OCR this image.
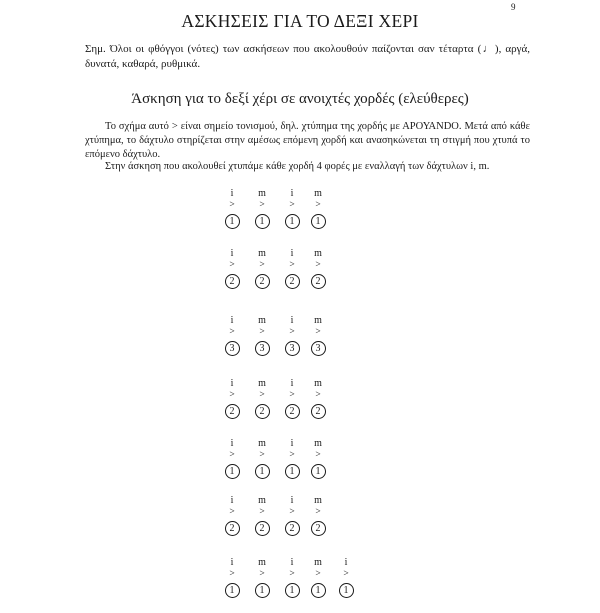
9
ΑΣΚΗΣΕΙΣ ΓΙΑ ΤΟ ΔΕΞΙ ΧΕΡΙ
Σημ. Όλοι οι φθόγγοι (νότες) των ασκήσεων που ακολουθούν παίζονται σαν τέταρτα (♩), αργά, δυνατά, καθαρά, ρυθμικά.
Άσκηση για το δεξί χέρι σε ανοιχτές χορδές (ελεύθερες)
Το σχήμα αυτό > είναι σημείο τονισμού, δηλ. χτύπημα της χορδής με ΑΡΟΥΑΝDΟ. Μετά από κάθε χτύπημα, το δάχτυλο στηρίζεται στην αμέσως επόμενη χορδή και ανασηκώνεται τη στιγμή που χτυπά το επόμενο δάχτυλο.
Στην άσκηση που ακολουθεί χτυπάμε κάθε χορδή 4 φορές με εναλλαγή των δάχτυλων i, m.
i
>
1
m
>
1
i
>
1
m
>
1
i
>
2
m
>
2
i
>
2
m
>
2
i
>
3
m
>
3
i
>
3
m
>
3
i
>
2
m
>
2
i
>
2
m
>
2
i
>
1
m
>
1
i
>
1
m
>
1
i
>
2
m
>
2
i
>
2
m
>
2
i
>
1
m
>
1
i
>
1
m
>
1
i
>
1
